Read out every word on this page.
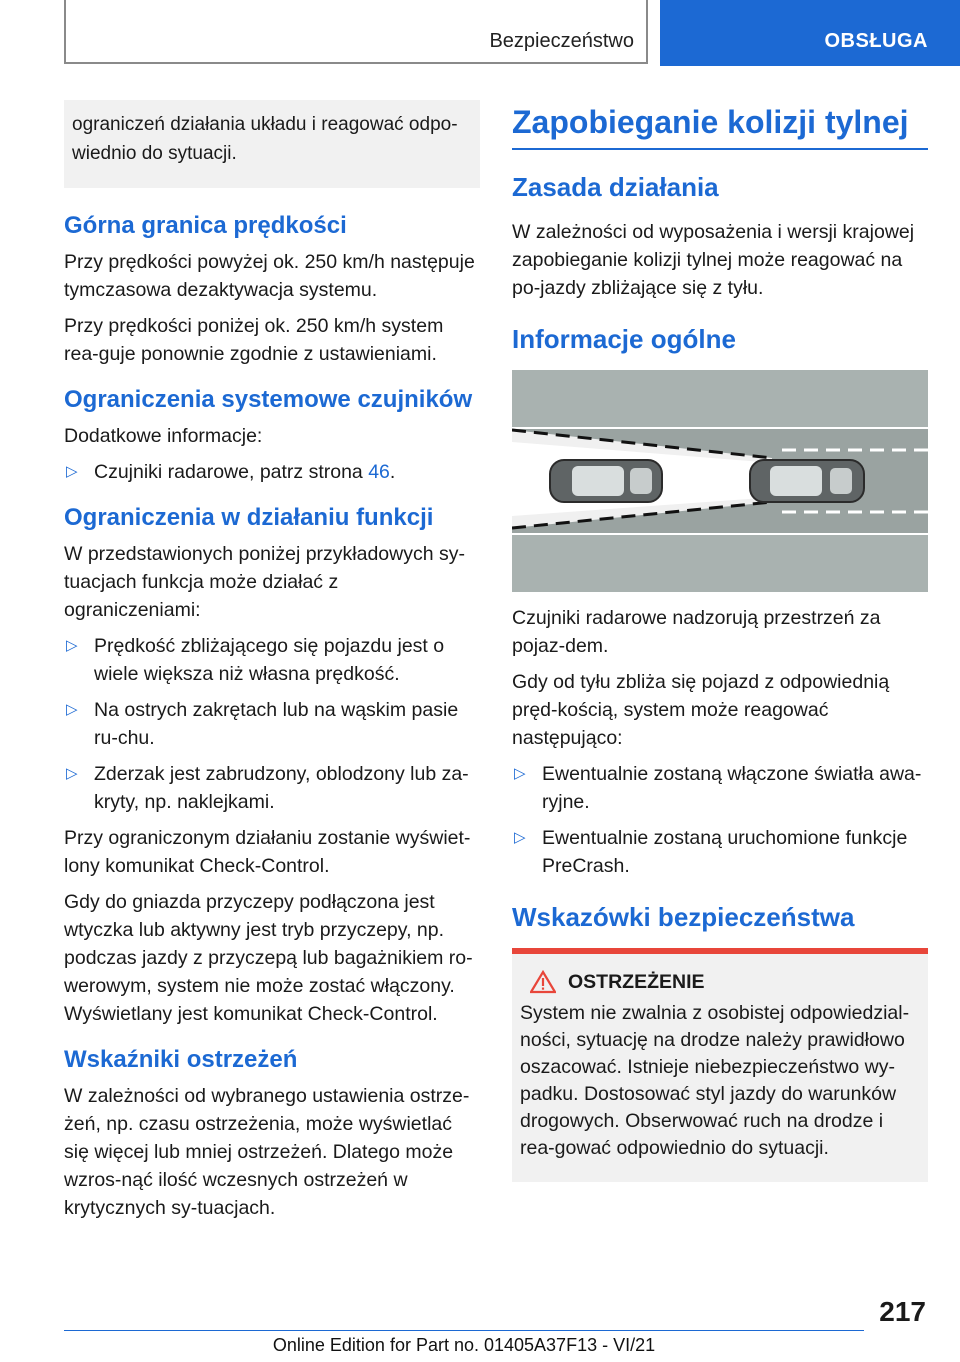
Bezpieczeństwo	OBSŁUGA
ograniczeń działania układu i reagować odpo-wiednio do sytuacji.
Górna granica prędkości

Przy prędkości powyżej ok. 250 km/h następuje tymczasowa dezaktywacja systemu.

Przy prędkości poniżej ok. 250 km/h system rea-guje ponownie zgodnie z ustawieniami.

Ograniczenia systemowe czujników

Dodatkowe informacje:

▷ Czujniki radarowe, patrz strona 46.
Ograniczenia w działaniu funkcji

W przedstawionych poniżej przykładowych sy-tuacjach funkcja może działać z ograniczeniami:

▷ Prędkość zbliżającego się pojazdu jest o wiele większa niż własna prędkość.
▷ Na ostrych zakrętach lub na wąskim pasie ru-chu.
▷ Zderzak jest zabrudzony, oblodzony lub za-kryty, np. naklejkami.

Przy ograniczonym działaniu zostanie wyświet-lony komunikat Check-Control.

Gdy do gniazda przyczepy podłączona jest wtyczka lub aktywny jest tryb przyczepy, np. podczas jazdy z przyczepą lub bagażnikiem ro-werowym, system nie może zostać włączony. Wyświetlany jest komunikat Check-Control.

Wskaźniki ostrzeżeń

W zależności od wybranego ustawienia ostrze-żeń, np. czasu ostrzeżenia, może wyświetlać się więcej lub mniej ostrzeżeń. Dlatego może wzros-nąć ilość wczesnych ostrzeżeń w krytycznych sy-tuacjach.

Zapobieganie kolizji tylnej
Zasada działania

W zależności od wyposażenia i wersji krajowej zapobieganie kolizji tylnej może reagować na po-jazdy zbliżające się z tyłu.

Informacje ogólne

Czujniki radarowe nadzorują przestrzeń za pojaz-dem.

Gdy od tyłu zbliża się pojazd z odpowiednią pręd-kością, system może reagować następująco:

▷ Ewentualnie zostaną włączone światła awa-ryjne.
▷ Ewentualnie zostaną uruchomione funkcje PreCrash.
Wskazówki bezpieczeństwa
OSTRZEŻENIE

System nie zwalnia z osobistej odpowiedzial-ności, sytuację na drodze należy prawidłowo oszacować. Istnieje niebezpieczeństwo wy-padku. Dostosować styl jazdy do warunków drogowych. Obserwować ruch na drodze i rea-gować odpowiednio do sytuacji.

217
Online Edition for Part no. 01405A37F13 - VI/21
